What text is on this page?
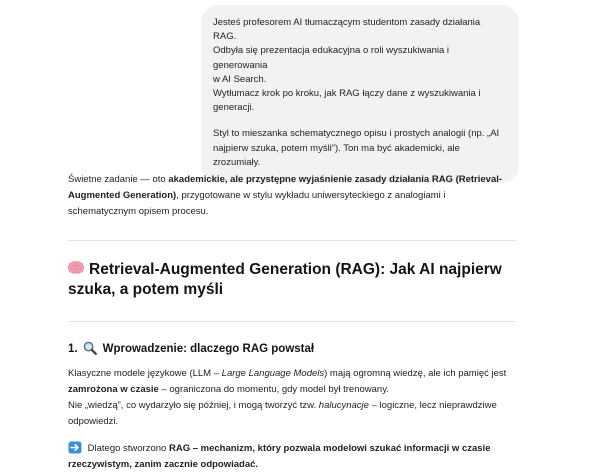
Jesteś profesorem AI tłumaczącym studentom zasady działania RAG.
Odbyła się prezentacja edukacyjna o roli wyszukiwania i generowania
w AI Search.
Wytłumacz krok po kroku, jak RAG łączy dane z wyszukiwania i
generacji.

Styl to mieszanka schematycznego opisu i prostych analogii (np. „AI
najpierw szuka, potem myśli”). Ton ma być akademicki, ale
zrozumiały.

Świetne zadanie — oto akademickie, ale przystępne wyjaśnienie zasady działania RAG (Retrieval-Augmented Generation), przygotowane w stylu wykładu uniwersyteckiego z analogiami i schematycznym opisem procesu.

Retrieval-Augmented Generation (RAG): Jak AI najpierw szuka, a potem myśli
1. Wprowadzenie: dlaczego RAG powstał

Klasyczne modele językowe (LLM – Large Language Models) mają ogromną wiedzę, ale ich pamięć jest zamrożona w czasie – ograniczona do momentu, gdy model był trenowany.
Nie „wiedzą”, co wydarzyło się później, i mogą tworzyć tzw. halucynacje – logiczne, lecz nieprawdziwe odpowiedzi.

Dlatego stworzono RAG – mechanizm, który pozwala modelowi szukać informacji w czasie rzeczywistym, zanim zacznie odpowiadać.
